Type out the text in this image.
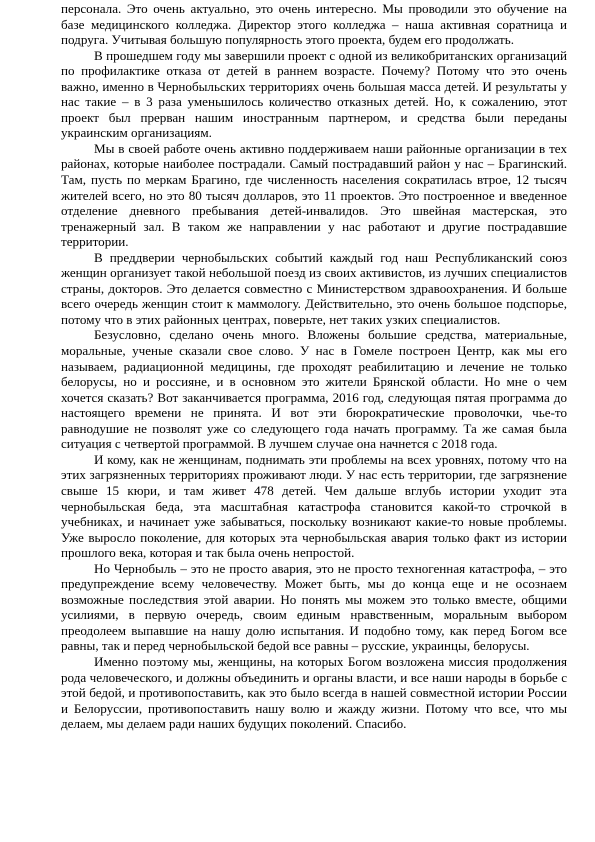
персонала. Это очень актуально, это очень интересно. Мы проводили это обучение на базе медицинского колледжа. Директор этого колледжа – наша активная соратница и подруга. Учитывая большую популярность этого проекта, будем его продолжать.

В прошедшем году мы завершили проект с одной из великобританских организаций по профилактике отказа от детей в раннем возрасте. Почему? Потому что это очень важно, именно в Чернобыльских территориях очень большая масса детей. И результаты у нас такие – в 3 раза уменьшилось количество отказных детей. Но, к сожалению, этот проект был прерван нашим иностранным партнером, и средства были переданы украинским организациям.

Мы в своей работе очень активно поддерживаем наши районные организации в тех районах, которые наиболее пострадали. Самый пострадавший район у нас – Брагинский. Там, пусть по меркам Брагино, где численность населения сократилась втрое, 12 тысяч жителей всего, но это 80 тысяч долларов, это 11 проектов. Это построенное и введенное отделение дневного пребывания детей-инвалидов. Это швейная мастерская, это тренажерный зал. В таком же направлении у нас работают и другие пострадавшие территории.

В преддверии чернобыльских событий каждый год наш Республиканский союз женщин организует такой небольшой поезд из своих активистов, из лучших специалистов страны, докторов. Это делается совместно с Министерством здравоохранения. И больше всего очередь женщин стоит к маммологу. Действительно, это очень большое подспорье, потому что в этих районных центрах, поверьте, нет таких узких специалистов.

Безусловно, сделано очень много. Вложены большие средства, материальные, моральные, ученые сказали свое слово. У нас в Гомеле построен Центр, как мы его называем, радиационной медицины, где проходят реабилитацию и лечение не только белорусы, но и россияне, и в основном это жители Брянской области. Но мне о чем хочется сказать? Вот заканчивается программа, 2016 год, следующая пятая программа до настоящего времени не принята. И вот эти бюрократические проволочки, чье-то равнодушие не позволят уже со следующего года начать программу. Та же самая была ситуация с четвертой программой. В лучшем случае она начнется с 2018 года.

И кому, как не женщинам, поднимать эти проблемы на всех уровнях, потому что на этих загрязненных территориях проживают люди. У нас есть территории, где загрязнение свыше 15 кюри, и там живет 478 детей. Чем дальше вглубь истории уходит эта чернобыльская беда, эта масштабная катастрофа становится какой-то строчкой в учебниках, и начинает уже забываться, поскольку возникают какие-то новые проблемы. Уже выросло поколение, для которых эта чернобыльская авария только факт из истории прошлого века, которая и так была очень непростой.

Но Чернобыль – это не просто авария, это не просто техногенная катастрофа, – это предупреждение всему человечеству. Может быть, мы до конца еще и не осознаем возможные последствия этой аварии. Но понять мы можем это только вместе, общими усилиями, в первую очередь, своим единым нравственным, моральным выбором преодолеем выпавшие на нашу долю испытания. И подобно тому, как перед Богом все равны, так и перед чернобыльской бедой все равны – русские, украинцы, белорусы.

Именно поэтому мы, женщины, на которых Богом возложена миссия продолжения рода человеческого, и должны объединить и органы власти, и все наши народы в борьбе с этой бедой, и противопоставить, как это было всегда в нашей совместной истории России и Белоруссии, противопоставить нашу волю и жажду жизни. Потому что все, что мы делаем, мы делаем ради наших будущих поколений. Спасибо.
